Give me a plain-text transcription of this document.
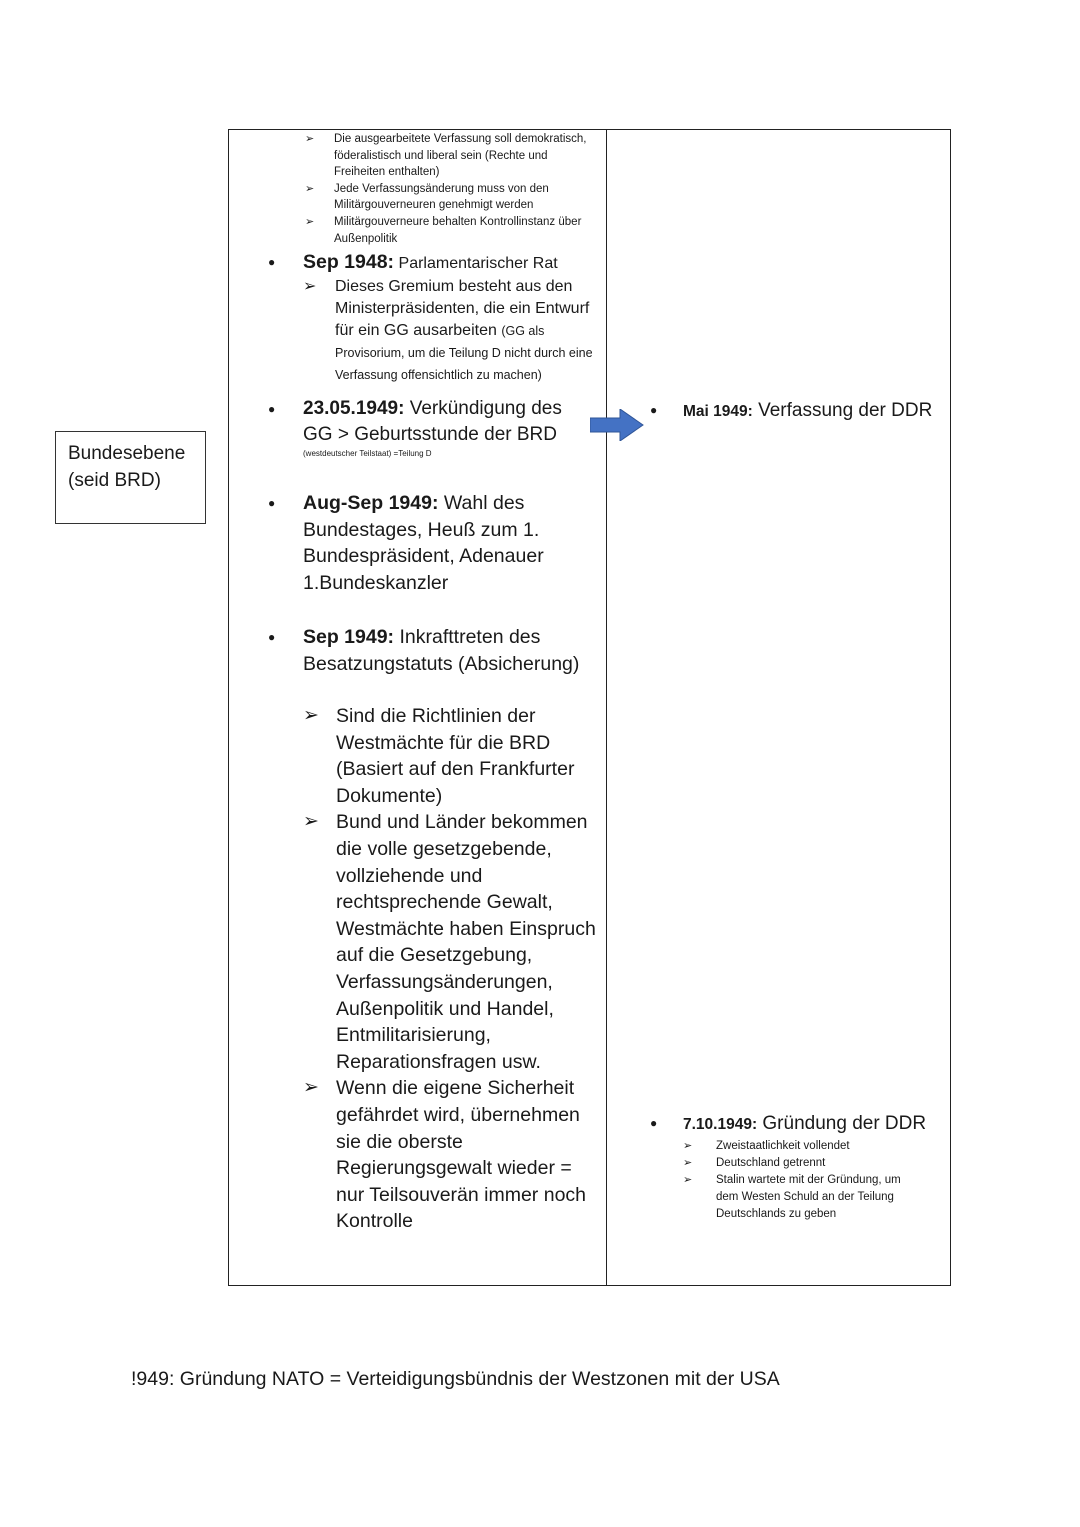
Bundesebene
(seid BRD)
➢ Die ausgearbeitete Verfassung soll demokratisch, föderalistisch und liberal sein (Rechte und Freiheiten enthalten)
➢ Jede Verfassungsänderung muss von den Militärgouverneuren genehmigt werden
➢ Militärgouverneure behalten Kontrollinstanz über Außenpolitik
●	Sep 1948: Parlamentarischer Rat
➢ Dieses Gremium besteht aus den Ministerpräsidenten, die ein Entwurf für ein GG ausarbeiten (GG als Provisorium, um die Teilung D nicht durch eine Verfassung offensichtlich zu machen)
●	23.05.1949: Verkündigung des GG > Geburtsstunde der BRD
(westdeutscher Teilstaat) =Teilung D
●	Aug-Sep 1949: Wahl des Bundestages, Heuß zum 1. Bundespräsident, Adenauer 1.Bundeskanzler
●	Sep 1949: Inkrafttreten des Besatzungstatuts (Absicherung)
➢ Sind die Richtlinien der Westmächte für die BRD (Basiert auf den Frankfurter Dokumente)
➢ Bund und Länder bekommen die volle gesetzgebende, vollziehende und rechtsprechende Gewalt, Westmächte haben Einspruch auf die Gesetzgebung, Verfassungsänderungen, Außenpolitik und Handel, Entmilitarisierung, Reparationsfragen usw.
➢ Wenn die eigene Sicherheit gefährdet wird, übernehmen sie die oberste Regierungsgewalt wieder = nur Teilsouverän immer noch Kontrolle
●	Mai 1949: Verfassung der DDR
●	7.10.1949: Gründung der DDR
➢ Zweistaatlichkeit vollendet
➢ Deutschland getrennt
➢ Stalin wartete mit der Gründung, um dem Westen Schuld an der Teilung Deutschlands zu geben
!949: Gründung NATO = Verteidigungsbündnis der Westzonen mit der USA
